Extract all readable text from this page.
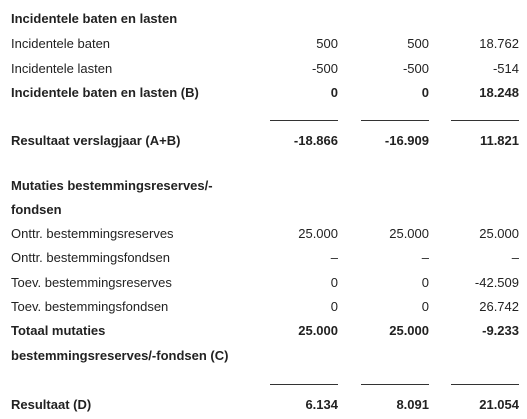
Incidentele baten en lasten
Incidentele baten	500	500	18.762
Incidentele lasten	-500	-500	-514
Incidentele baten en lasten (B)	0	0	18.248
Resultaat verslagjaar (A+B)	-18.866	-16.909	11.821
Mutaties bestemmingsreserves/-
fondsen
Onttr. bestemmingsreserves	25.000	25.000	25.000
Onttr. bestemmingsfondsen	–	–	–
Toev. bestemmingsreserves	0	0	-42.509
Toev. bestemmingsfondsen	0	0	26.742
Totaal mutaties	25.000	25.000	-9.233
bestemmingsreserves/-fondsen (C)
Resultaat (D)	6.134	8.091	21.054
